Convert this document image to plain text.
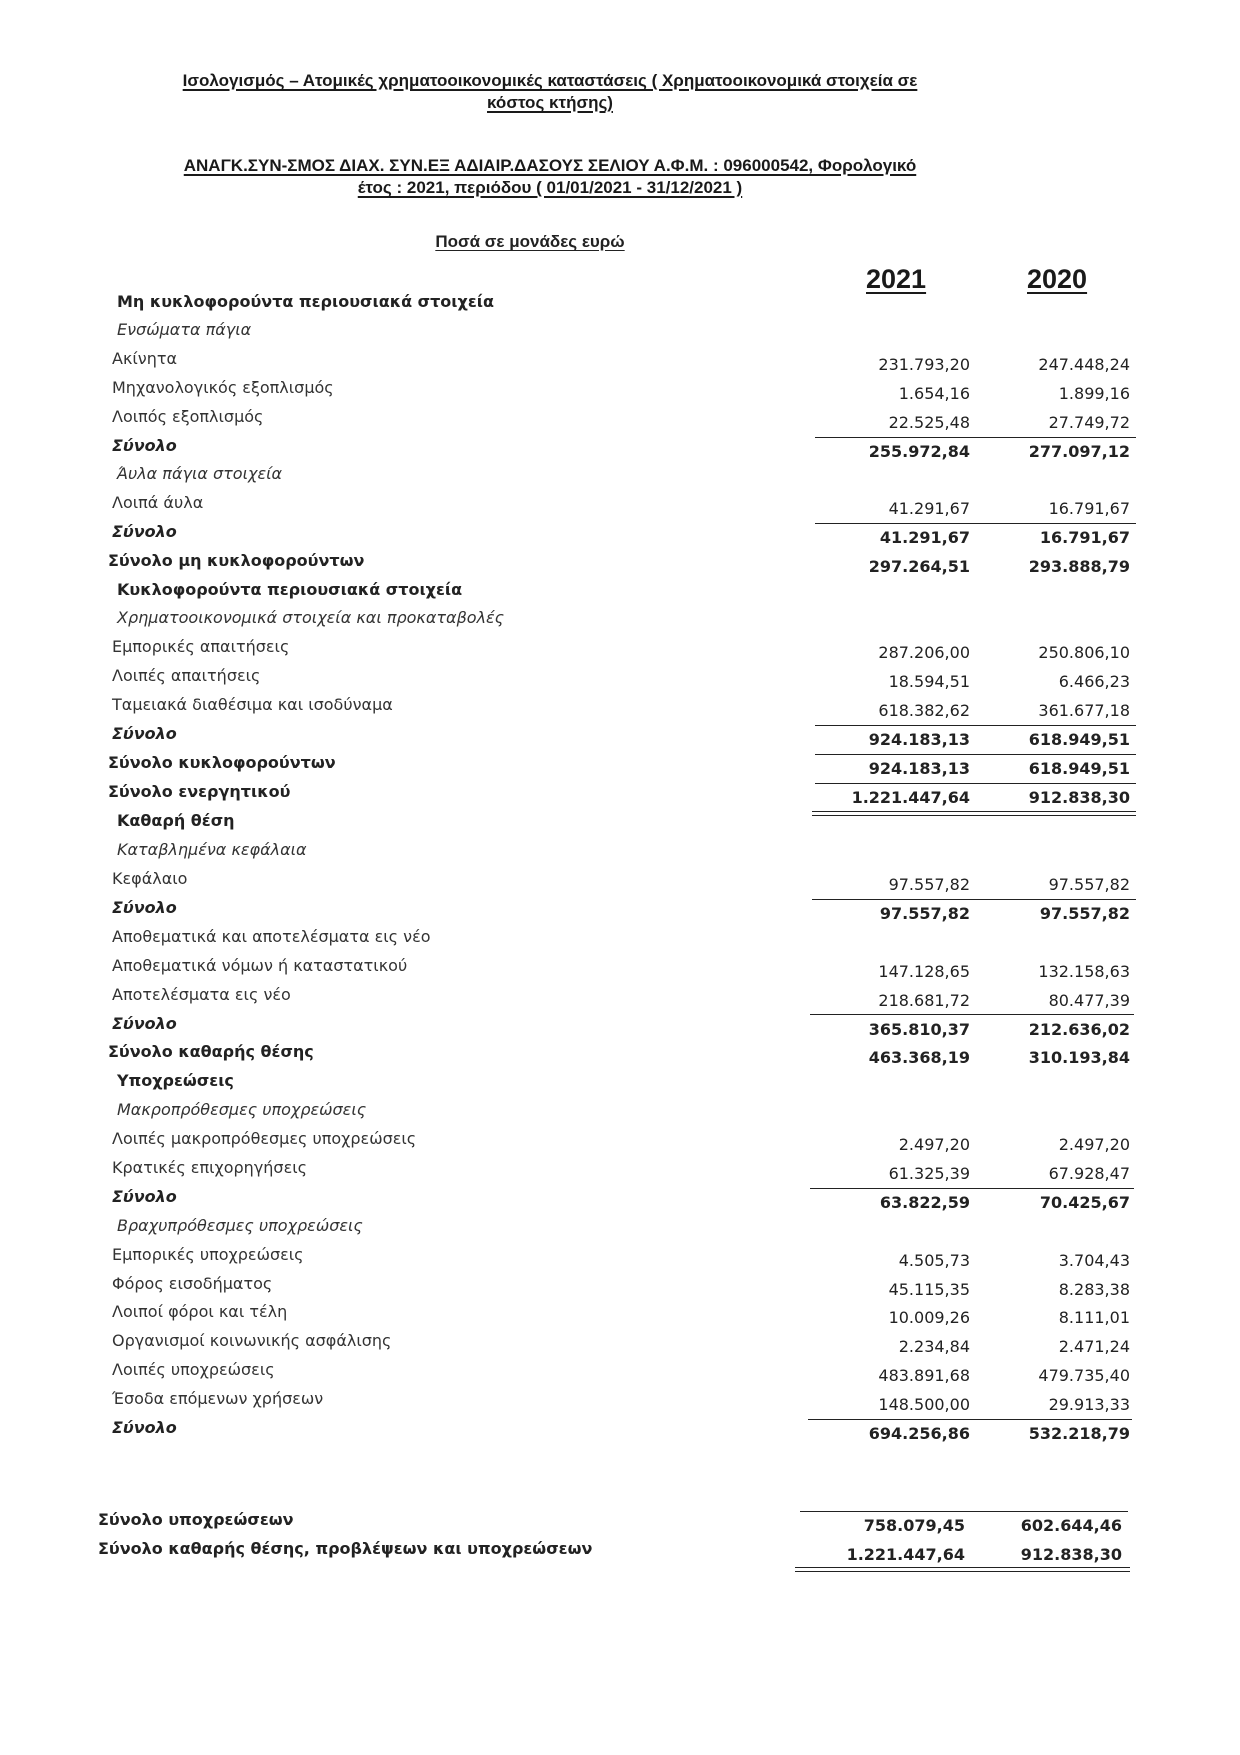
Ισολογισμός – Ατομικές χρηματοοικονομικές καταστάσεις ( Χρηματοοικονομικά στοιχεία σε
κόστος κτήσης)
ΑΝΑΓΚ.ΣΥΝ-ΣΜΟΣ ΔΙΑΧ. ΣΥΝ.ΕΞ ΑΔΙΑΙΡ.ΔΑΣΟΥΣ ΣΕΛΙΟΥ Α.Φ.Μ. : 096000542, Φορολογικό
έτος : 2021, περιόδου ( 01/01/2021 - 31/12/2021 )
Ποσά σε μονάδες ευρώ
2021	2020
Μη κυκλοφορούντα περιουσιακά στοιχεία
Ενσώματα πάγια
Ακίνητα	231.793,20	247.448,24
Μηχανολογικός εξοπλισμός	1.654,16	1.899,16
Λοιπός εξοπλισμός	22.525,48	27.749,72
Σύνολο	255.972,84	277.097,12
Άυλα πάγια στοιχεία
Λοιπά άυλα	41.291,67	16.791,67
Σύνολο	41.291,67	16.791,67
Σύνολο μη κυκλοφορούντων	297.264,51	293.888,79
Κυκλοφορούντα περιουσιακά στοιχεία
Χρηματοοικονομικά στοιχεία και προκαταβολές
Εμπορικές απαιτήσεις	287.206,00	250.806,10
Λοιπές απαιτήσεις	18.594,51	6.466,23
Ταμειακά διαθέσιμα και ισοδύναμα	618.382,62	361.677,18
Σύνολο	924.183,13	618.949,51
Σύνολο κυκλοφορούντων	924.183,13	618.949,51
Σύνολο ενεργητικού	1.221.447,64	912.838,30
Καθαρή θέση
Καταβλημένα κεφάλαια
Κεφάλαιο	97.557,82	97.557,82
Σύνολο	97.557,82	97.557,82
Αποθεματικά και αποτελέσματα εις νέο
Αποθεματικά νόμων ή καταστατικού	147.128,65	132.158,63
Αποτελέσματα εις νέο	218.681,72	80.477,39
Σύνολο	365.810,37	212.636,02
Σύνολο καθαρής θέσης	463.368,19	310.193,84
Υποχρεώσεις
Μακροπρόθεσμες υποχρεώσεις
Λοιπές μακροπρόθεσμες υποχρεώσεις	2.497,20	2.497,20
Κρατικές επιχορηγήσεις	61.325,39	67.928,47
Σύνολο	63.822,59	70.425,67
Βραχυπρόθεσμες υποχρεώσεις
Εμπορικές υποχρεώσεις	4.505,73	3.704,43
Φόρος εισοδήματος	45.115,35	8.283,38
Λοιποί φόροι και τέλη	10.009,26	8.111,01
Οργανισμοί κοινωνικής ασφάλισης	2.234,84	2.471,24
Λοιπές υποχρεώσεις	483.891,68	479.735,40
Έσοδα επόμενων χρήσεων	148.500,00	29.913,33
Σύνολο	694.256,86	532.218,79
Σύνολο υποχρεώσεων	758.079,45	602.644,46
Σύνολο καθαρής θέσης, προβλέψεων και υποχρεώσεων	1.221.447,64	912.838,30
